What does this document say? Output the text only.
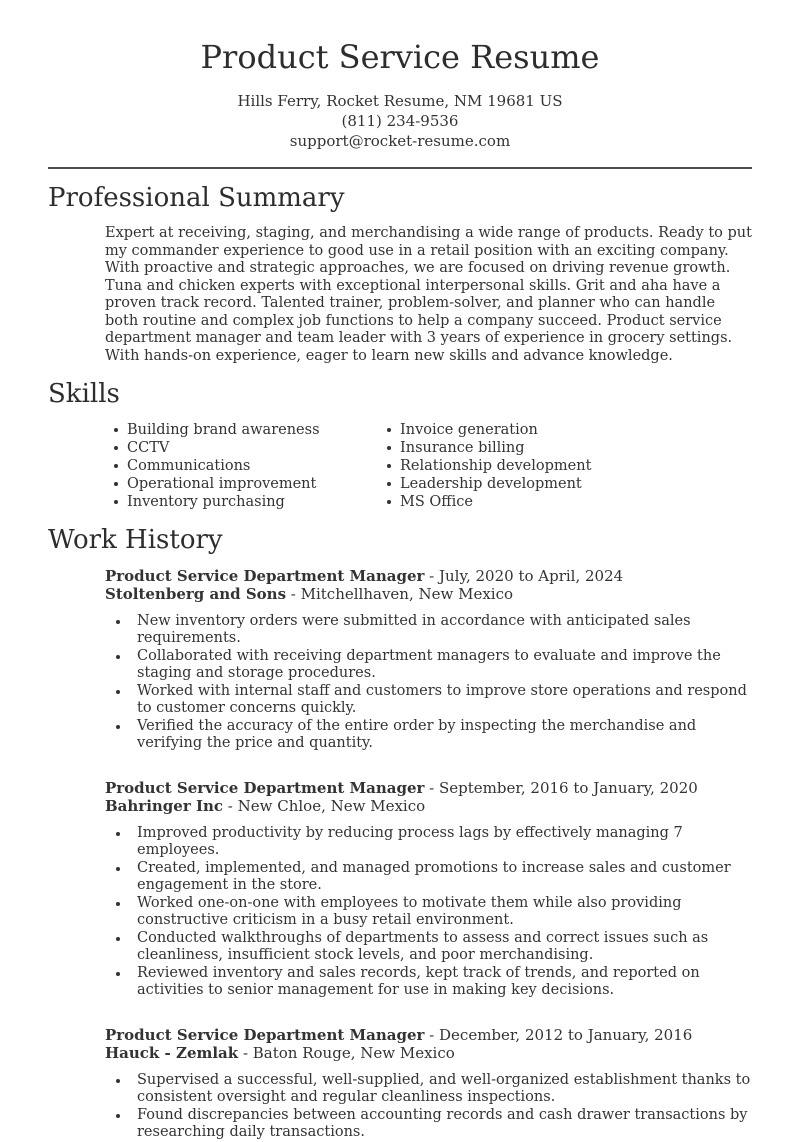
Product Service Resume
Hills Ferry, Rocket Resume, NM 19681 US
(811) 234-9536
support@rocket-resume.com
Professional Summary

Expert at receiving, staging, and merchandising a wide range of products. Ready to put my commander experience to good use in a retail position with an exciting company. With proactive and strategic approaches, we are focused on driving revenue growth. Tuna and chicken experts with exceptional interpersonal skills. Grit and aha have a proven track record. Talented trainer, problem-solver, and planner who can handle both routine and complex job functions to help a company succeed. Product service department manager and team leader with 3 years of experience in grocery settings. With hands-on experience, eager to learn new skills and advance knowledge.

Skills
Building brand awareness
CCTV
Communications
Operational improvement
Inventory purchasing
Invoice generation
Insurance billing
Relationship development
Leadership development
MS Office
Work History
Product Service Department Manager - July, 2020 to April, 2024
Stoltenberg and Sons - Mitchellhaven, New Mexico
New inventory orders were submitted in accordance with anticipated sales requirements.
Collaborated with receiving department managers to evaluate and improve the staging and storage procedures.
Worked with internal staff and customers to improve store operations and respond to customer concerns quickly.
Verified the accuracy of the entire order by inspecting the merchandise and verifying the price and quantity.
Product Service Department Manager - September, 2016 to January, 2020
Bahringer Inc - New Chloe, New Mexico
Improved productivity by reducing process lags by effectively managing 7 employees.
Created, implemented, and managed promotions to increase sales and customer engagement in the store.
Worked one-on-one with employees to motivate them while also providing constructive criticism in a busy retail environment.
Conducted walkthroughs of departments to assess and correct issues such as cleanliness, insufficient stock levels, and poor merchandising.
Reviewed inventory and sales records, kept track of trends, and reported on activities to senior management for use in making key decisions.
Product Service Department Manager - December, 2012 to January, 2016
Hauck - Zemlak - Baton Rouge, New Mexico
Supervised a successful, well-supplied, and well-organized establishment thanks to consistent oversight and regular cleanliness inspections.
Found discrepancies between accounting records and cash drawer transactions by researching daily transactions.
